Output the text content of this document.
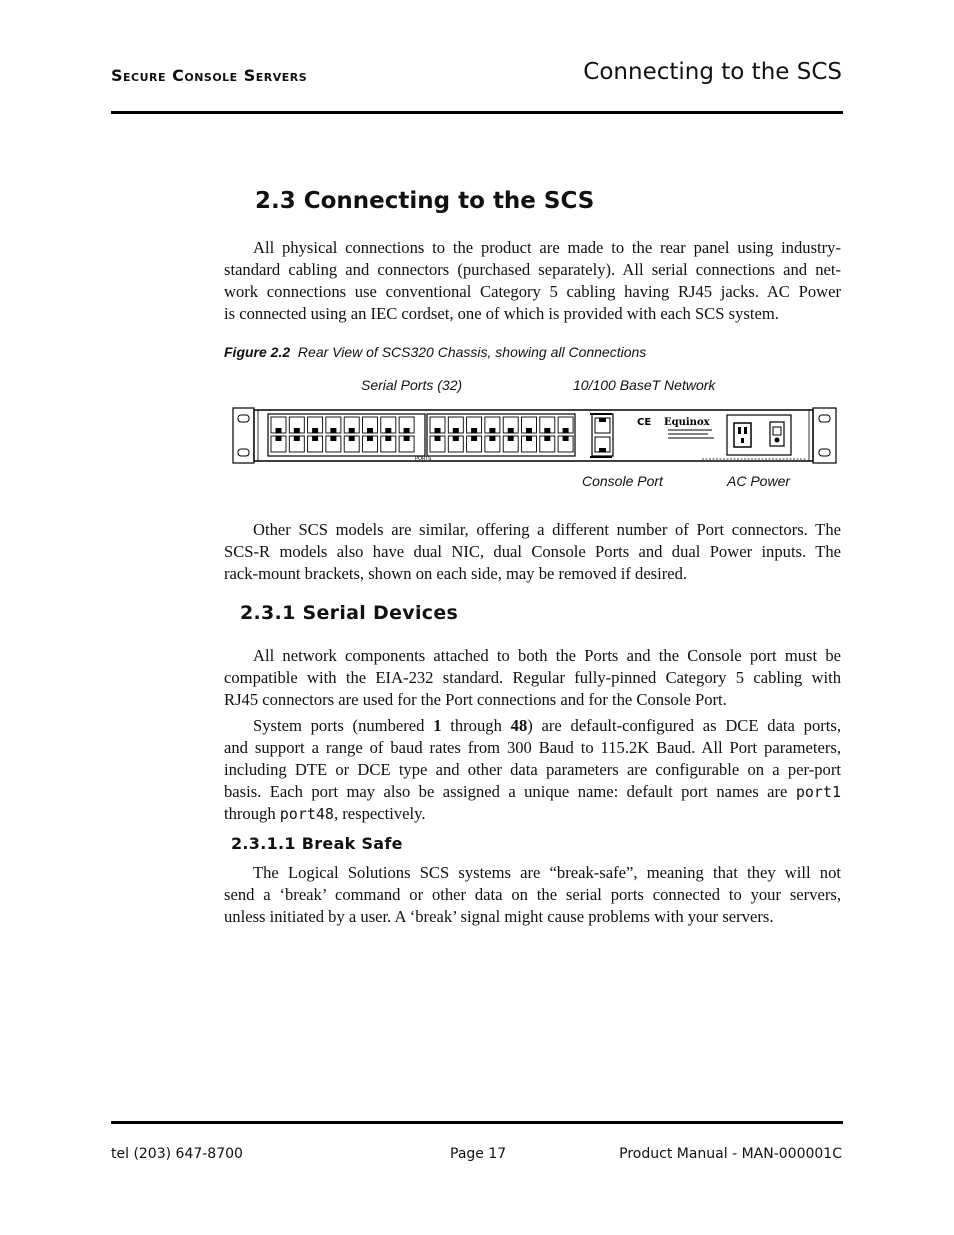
Secure Console Servers	Connecting to the SCS
2.3 Connecting to the SCS
All physical connections to the product are made to the rear panel using industry-
standard cabling and connectors (purchased separately). All serial connections and net-
work connections use conventional Category 5 cabling having RJ45 jacks. AC Power
is connected using an IEC cordset, one of which is provided with each SCS system.
Figure 2.2 Rear View of SCS320 Chassis, showing all Connections
Serial Ports (32)	10/100 BaseT Network
Console Port	AC Power
PORTS
CE Equinox
Other SCS models are similar, offering a different number of Port connectors. The
SCS-R models also have dual NIC, dual Console Ports and dual Power inputs. The
rack-mount brackets, shown on each side, may be removed if desired.
2.3.1 Serial Devices
All network components attached to both the Ports and the Console port must be
compatible with the EIA-232 standard. Regular fully-pinned Category 5 cabling with
RJ45 connectors are used for the Port connections and for the Console Port.
System ports (numbered 1 through 48) are default-configured as DCE data ports,
and support a range of baud rates from 300 Baud to 115.2K Baud. All Port parameters,
including DTE or DCE type and other data parameters are configurable on a per-port
basis. Each port may also be assigned a unique name: default port names are port1
through port48, respectively.
2.3.1.1 Break Safe
The Logical Solutions SCS systems are “break-safe”, meaning that they will not
send a ‘break’ command or other data on the serial ports connected to your servers,
unless initiated by a user. A ‘break’ signal might cause problems with your servers.
tel (203) 647-8700	Page 17	Product Manual - MAN-000001C
